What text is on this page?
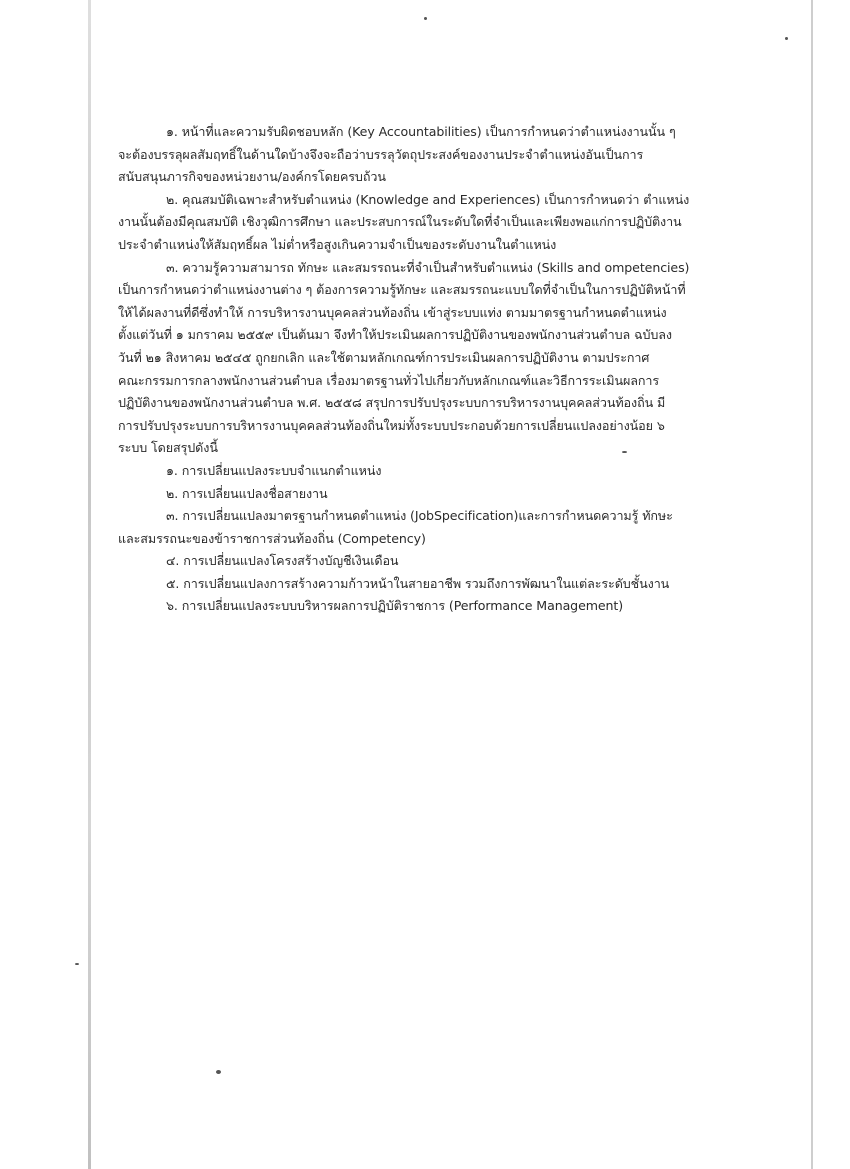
๑. หน้าที่และความรับผิดชอบหลัก (Key Accountabilities) เป็นการกำหนดว่าตำแหน่งงานนั้น ๆ
จะต้องบรรลุผลสัมฤทธิ์ในด้านใดบ้างจึงจะถือว่าบรรลุวัตถุประสงค์ของงานประจำตำแหน่งอันเป็นการ
สนับสนุนภารกิจของหน่วยงาน/องค์กรโดยครบถ้วน
๒. คุณสมบัติเฉพาะสำหรับตำแหน่ง (Knowledge and Experiences) เป็นการกำหนดว่า ตำแหน่ง
งานนั้นต้องมีคุณสมบัติ เชิงวุฒิการศึกษา และประสบการณ์ในระดับใดที่จำเป็นและเพียงพอแก่การปฏิบัติงาน
ประจำตำแหน่งให้สัมฤทธิ์ผล ไม่ต่ำหรือสูงเกินความจำเป็นของระดับงานในตำแหน่ง
๓. ความรู้ความสามารถ ทักษะ และสมรรถนะที่จำเป็นสำหรับตำแหน่ง (Skills and ompetencies)
เป็นการกำหนดว่าตำแหน่งงานต่าง ๆ ต้องการความรู้ทักษะ และสมรรถนะแบบใดที่จำเป็นในการปฏิบัติหน้าที่
ให้ได้ผลงานที่ดีซึ่งทำให้ การบริหารงานบุคคลส่วนท้องถิ่น เข้าสู่ระบบแท่ง ตามมาตรฐานกำหนดตำแหน่ง
ตั้งแต่วันที่ ๑ มกราคม ๒๕๕๙ เป็นต้นมา จึงทำให้ประเมินผลการปฏิบัติงานของพนักงานส่วนตำบล ฉบับลง
วันที่ ๒๑ สิงหาคม ๒๕๔๕ ถูกยกเลิก และใช้ตามหลักเกณฑ์การประเมินผลการปฏิบัติงาน ตามประกาศ
คณะกรรมการกลางพนักงานส่วนตำบล เรื่องมาตรฐานทั่วไปเกี่ยวกับหลักเกณฑ์และวิธีการระเมินผลการ
ปฏิบัติงานของพนักงานส่วนตำบล พ.ศ. ๒๕๕๘ สรุปการปรับปรุงระบบการบริหารงานบุคคลส่วนท้องถิ่น มี
การปรับปรุงระบบการบริหารงานบุคคลส่วนท้องถิ่นใหม่ทั้งระบบประกอบด้วยการเปลี่ยนแปลงอย่างน้อย ๖
ระบบ โดยสรุปดังนี้
๑. การเปลี่ยนแปลงระบบจำแนกตำแหน่ง
๒. การเปลี่ยนแปลงชื่อสายงาน
๓. การเปลี่ยนแปลงมาตรฐานกำหนดตำแหน่ง (JobSpecification)และการกำหนดความรู้ ทักษะ
และสมรรถนะของข้าราชการส่วนท้องถิ่น (Competency)
๔. การเปลี่ยนแปลงโครงสร้างบัญชีเงินเดือน
๕. การเปลี่ยนแปลงการสร้างความก้าวหน้าในสายอาชีพ รวมถึงการพัฒนาในแต่ละระดับชั้นงาน
๖. การเปลี่ยนแปลงระบบบริหารผลการปฏิบัติราชการ (Performance Management)
